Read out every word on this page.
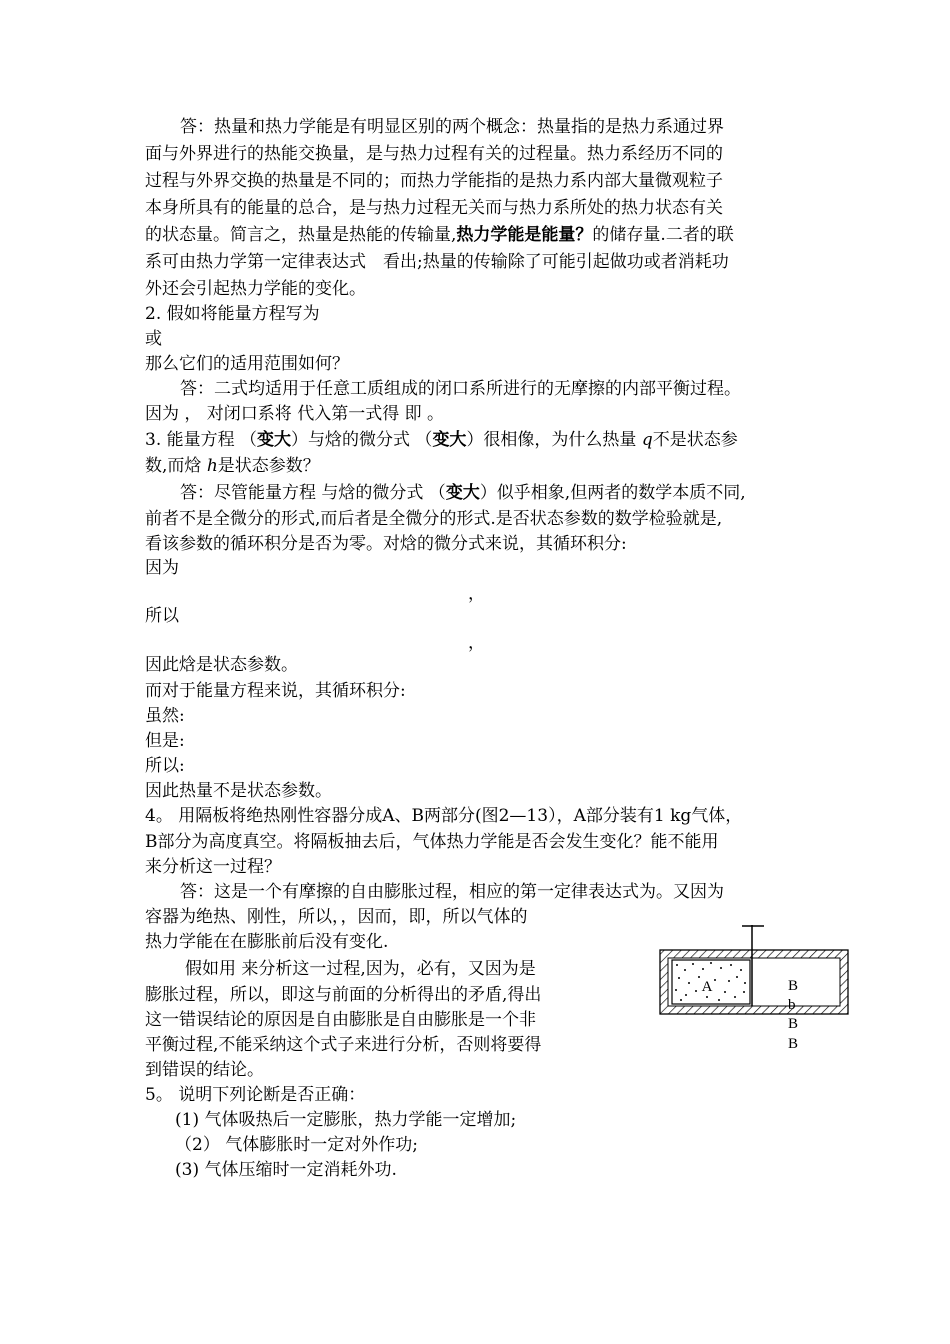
答：热量和热力学能是有明显区别的两个概念：热量指的是热力系通过界
面与外界进行的热能交换量，是与热力过程有关的过程量。热力系经历不同的
过程与外界交换的热量是不同的；而热力学能指的是热力系内部大量微观粒子
本身所具有的能量的总合，是与热力过程无关而与热力系所处的热力状态有关
的状态量。简言之，热量是热能的传输量,热力学能是能量？的储存量.二者的联
系可由热力学第一定律表达式　看出;热量的传输除了可能引起做功或者消耗功
外还会引起热力学能的变化。
2. 假如将能量方程写为
或
那么它们的适用范围如何？
答：二式均适用于任意工质组成的闭口系所进行的无摩擦的内部平衡过程。
因为 ， 对闭口系将 代入第一式得 即 。
3. 能量方程 （变大）与焓的微分式 （变大）很相像，为什么热量 q不是状态参
数,而焓 h是状态参数？
答：尽管能量方程 与焓的微分式 （变大）似乎相象,但两者的数学本质不同,
前者不是全微分的形式,而后者是全微分的形式.是否状态参数的数学检验就是,
看该参数的循环积分是否为零。对焓的微分式来说，其循环积分:
因为
，
所以
，
因此焓是状态参数。
而对于能量方程来说，其循环积分:
虽然:
但是:
所以:
因此热量不是状态参数。
4。 用隔板将绝热刚性容器分成A、B两部分(图2—13），A部分装有1 kg气体，
B部分为高度真空。将隔板抽去后，气体热力学能是否会发生变化？能不能用
来分析这一过程？
答：这是一个有摩擦的自由膨胀过程，相应的第一定律表达式为。又因为
容器为绝热、刚性，所以，，因而，即，所以气体的
热力学能在在膨胀前后没有变化.
假如用 来分析这一过程,因为，必有，又因为是
膨胀过程，所以，即这与前面的分析得出的矛盾,得出
这一错误结论的原因是自由膨胀是自由膨胀是一个非
平衡过程,不能采纳这个式子来进行分析，否则将要得
到错误的结论。
A	B
b
B
B
5。 说明下列论断是否正确：
(1) 气体吸热后一定膨胀，热力学能一定增加;
（2） 气体膨胀时一定对外作功;
(3) 气体压缩时一定消耗外功.
